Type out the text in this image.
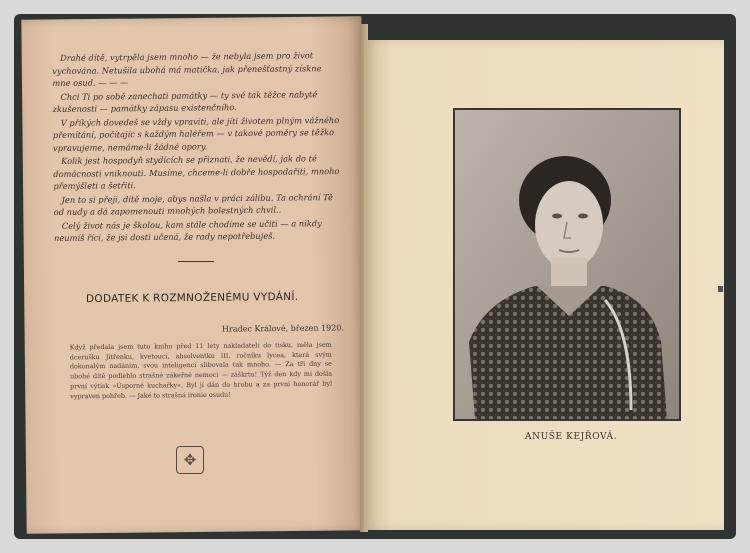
Drahé dítě, vytrpěla jsem mnoho — že nebyla jsem pro život vychována. Netušila ubohá má matička, jak přenešťastný získne mne osud. — — —

Chci Ti po sobě zanechati památky — ty své tak těžce nabyté zkušenosti — památky zápasu existenčního.

V příkých dovedeš se vždy vpraviti, ale jíti životem plným vážného přemítání, počítajíc s každým haléřem — v takové poměry se těžko vpravujeme, nemáme-li žádné opory.

Kolik jest hospodyň stydících se přiznati, že nevědí, jak do té domácnosti vniknouti. Musíme, chceme-li dobře hospodařiti, mnoho přemýšleti a šetřiti.

Jen to si přeji, dítě moje, abys našla v práci zálibu. Ta ochrání Tě od nudy a dá zapomenouti mnohých bolestných chvil..

Celý život nás je školou, kam stále chodíme se učiti — a nikdy neumíš říci, že jsi dosti učená, že rady nepotřebuješ.

DODATEK K ROZMNOŽENÉMU VYDÁNÍ.
Hradec Králové, březen 1920.
Když předala jsem tuto knihu před 11 lety nakladateli do tisku, měla jsem dcerušku Jitřenku, kvetoucí, absolventku III. ročníku lycea, která svým dokonalým nadáním, svou inteligencí slibovala tak mnoho. — Za tři dny se ubohé dítě podlehlo strašné zákeřné nemoci — záškrtu! Týž den kdy mi došla první výtisk »Úsporné kuchařky«. Byl jí dán do hrobu a za první honorář byl vypraven pohřeb. — Jaké to strašná ironie osudu!
✥
ANUŠE KEJŘOVÁ.
